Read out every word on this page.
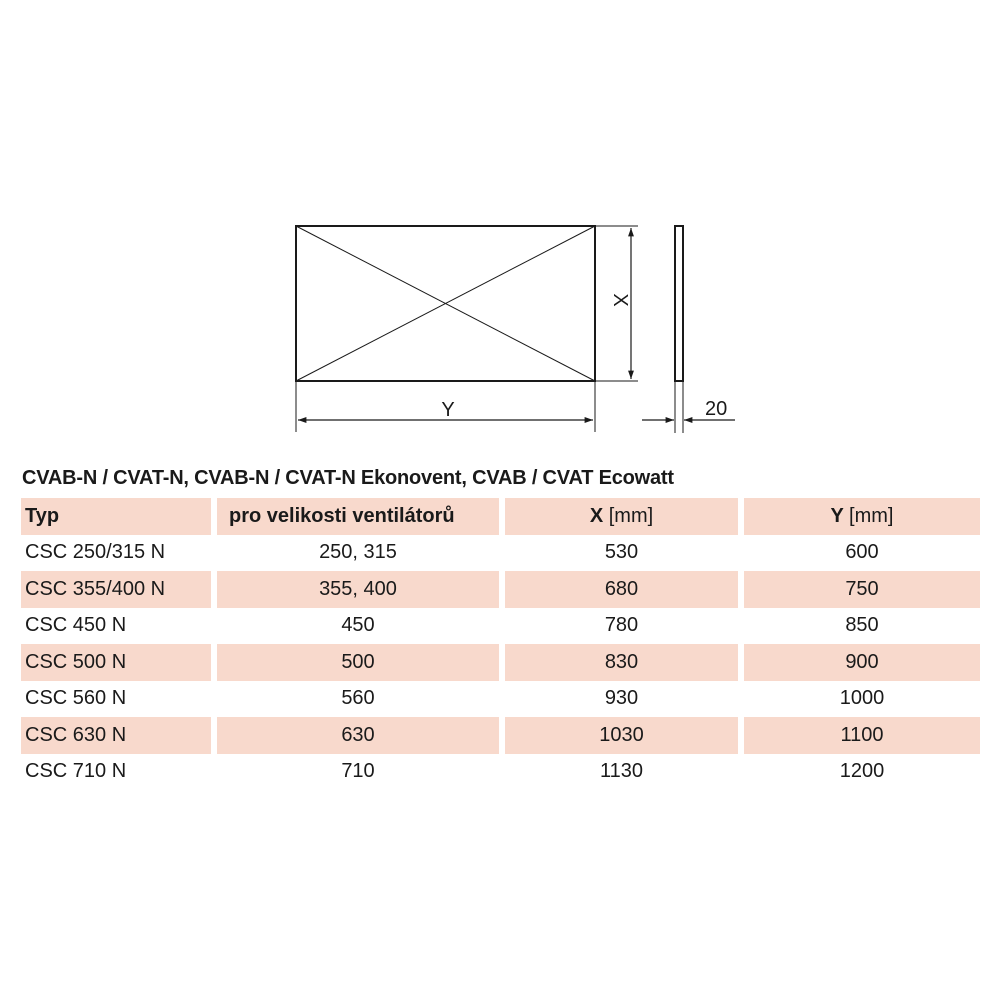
X
Y	20
CVAB-N / CVAT-N, CVAB-N / CVAT-N Ekonovent, CVAB / CVAT Ecowatt
Typ	pro velikosti ventilátorů	X [mm]	Y [mm]
CSC 250/315 N	250, 315	530	600
CSC 355/400 N	355, 400	680	750
CSC 450 N	450	780	850
CSC 500 N	500	830	900
CSC 560 N	560	930	1000
CSC 630 N	630	1030	1100
CSC 710 N	710	1130	1200
